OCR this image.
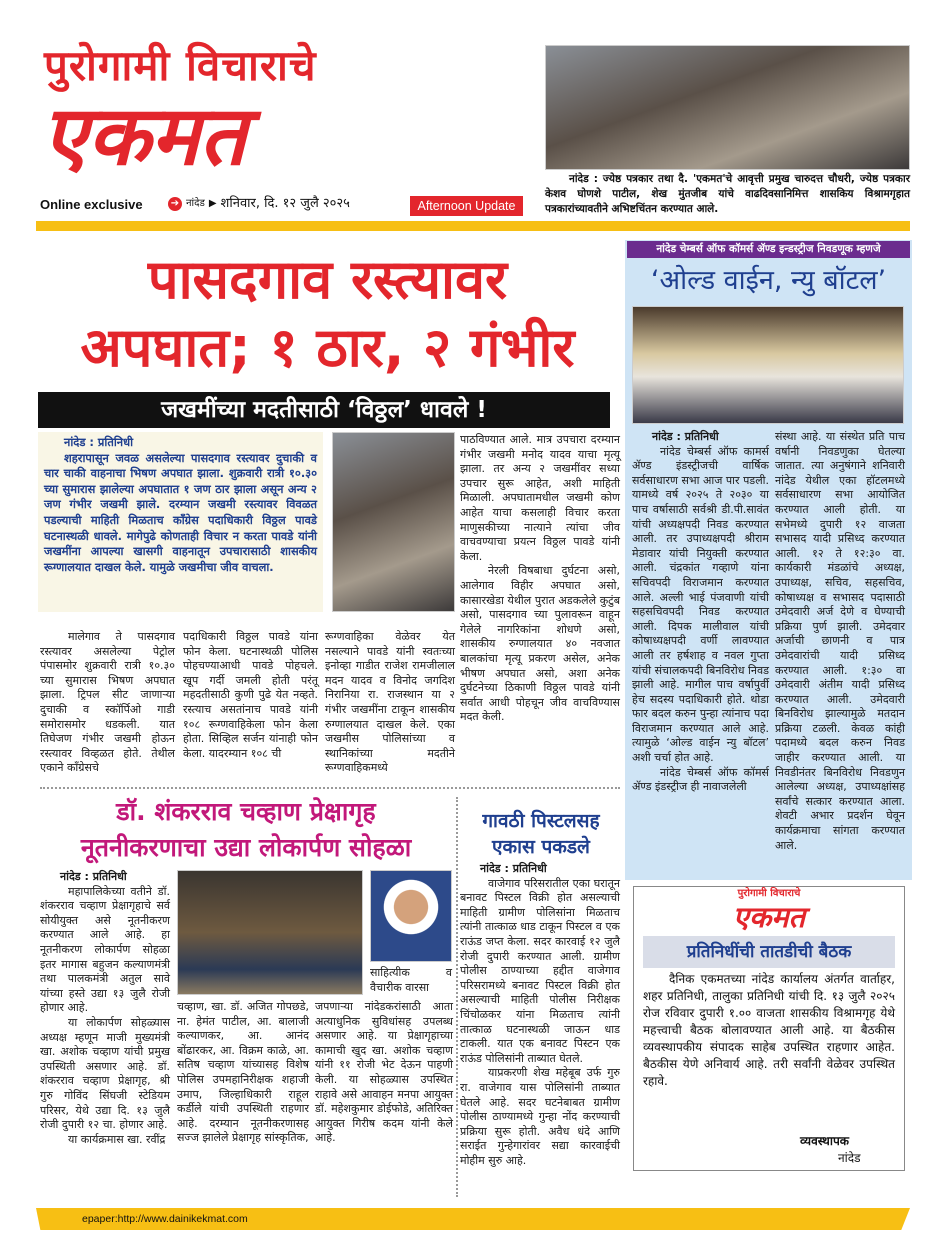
पुरोगामी विचाराचे
एकमत
Online exclusive	➔ नांदेड ▶ शनिवार, दि. १२ जुलै २०२५	Afternoon Update
नांदेड : ज्येष्ठ पत्रकार तथा दै. 'एकमत'चे आवृत्ती प्रमुख चारुदत्त चौधरी, ज्येष्ठ पत्रकार केशव घोणशे पाटील, शेख मुंतजीब यांचे वाढदिवसानिमित्त शासकिय विश्रामगृहात पत्रकारांच्यावतीने अभिष्टचिंतन करण्यात आले.
पासदगाव रस्त्यावर
अपघात; १ ठार, २ गंभीर
जखमींच्या मदतीसाठी ‘विठ्ठल’ धावले !
नांदेड : प्रतिनिधी

शहरापासून जवळ असलेल्या पासदगाव रस्त्यावर दुचाकी व चार चाकी वाहनाचा भिषण अपघात झाला. शुक्रवारी रात्री १०.३० च्या सुमारास झालेल्या अपघातात १ जण ठार झाला असून अन्य २ जण गंभीर जखमी झाले. दरम्यान जखमी रस्त्यावर विवळत पडल्याची माहिती मिळताच काँग्रेस पदाधिकारी विठ्ठल पावडे घटनास्थळी धावले. मागेपुढे कोणताही विचार न करता पावडे यांनी जखमींना आपल्या खासगी वाहनातून उपचारासाठी शासकीय रूग्णालयात दाखल केले. यामुळे जखमीचा जीव वाचला.

मालेगाव ते पासदगाव रस्त्यावर असलेल्या पेट्रोल पंपासमोर शुक्रवारी रात्री १०.३० च्या सुमारास भिषण अपघात झाला. ट्रिपल सीट जाणाऱ्या दुचाकी व स्कॉर्पिओ गाडी समोरासमोर धडकली. यात तिघेजण गंभीर जखमी होऊन रस्त्यावर विव्हळत होते. तेथील एकाने काँग्रेसचे

पदाधिकारी विठ्ठल पावडे यांना फोन केला. घटनास्थळी पोलिस पोहचण्याआधी पावडे पोहचले. खूप गर्दी जमली होती परंतू महदतीसाठी कुणी पुढे येत नव्हते. रस्त्याच असतांनाच पावडे यांनी १०८ रूग्णवाहिकेला फोन केला होता. सिव्हिल सर्जन यांनाही फोन केला. यादरम्यान १०८ ची

रूग्णवाहिका वेळेवर येत नसल्याने पावडे यांनी स्वतःच्या इनोव्हा गाडीत राजेश रामजीलाल मदन यादव व विनोद जगदिश निरानिया रा. राजस्थान या २ गंभीर जखमींना टाकून शासकीय रुग्णालयात दाखल केले. एका जखमीस पोलिसांच्या व स्थानिकांच्या मदतीने रूग्णवाहिकमध्ये

पाठविण्यात आले. मात्र उपचारा दरम्यान गंभीर जखमी मनोद यादव याचा मृत्यू झाला. तर अन्य २ जखमींवर सध्या उपचार सुरू आहेत, अशी माहिती मिळाली. अपघातामधील जखमी कोण आहेत याचा कसलाही विचार करता माणुसकीच्या नात्याने त्यांचा जीव वाचवण्याचा प्रयत्न विठ्ठल पावडे यांनी केला.

नेरली विषबाधा दुर्घटना असो, आलेगाव विहीर अपघात असो, कासारखेडा येथील पुरात अडकलेले कुटुंब असो, पासदगाव च्या पुलावरून वाहून गेलेले नागरिकांना शोधणे असो, शासकीय रुग्णालयात ४० नवजात बालकांचा मृत्यू प्रकरण असेल, अनेक भीषण अपघात असो, अशा अनेक दुर्घटनेच्या ठिकाणी विठ्ठल पावडे यांनी सर्वात आधी पोहचून जीव वाचविण्यास मदत केली.

डॉ. शंकरराव चव्हाण प्रेक्षागृह
नूतनीकरणाचा उद्या लोकार्पण सोहळा
नांदेड : प्रतिनिधी

महापालिकेच्या वतीने डॉ. शंकरराव चव्हाण प्रेक्षागृहाचे सर्व सोयीयुक्त असे नूतनीकरण करण्यात आले आहे. हा नूतनीकरण लोकार्पण सोहळा इतर मागास बहुजन कल्याणमंत्री तथा पालकमंत्री अतुल सावे यांच्या हस्ते उद्या १३ जुलै रोजी होणार आहे.

या लोकार्पण सोहळ्यास अध्यक्ष म्हणून माजी मुख्यमंत्री खा. अशोक चव्हाण यांची प्रमुख उपस्थिती असणार आहे. डॉ. शंकरराव चव्हाण प्रेक्षागृह, श्री गुरु गोविंद सिंघजी स्टेडियम परिसर, येथे उद्या दि. १३ जुलै रोजी दुपारी १२ चा. होणार आहे.

या कार्यक्रमास खा. रवींद्र

साहित्यीक व वैचारीक वारसा

चव्हाण, खा. डॉ. अजित गोपछडे, ना. हेमंत पाटील, आ. बालाजी कल्याणकर, आ. आनंद बोंढारकर, आ. विक्रम काळे, आ. सतिष चव्हाण यांच्यासह विशेष पोलिस उपमहानिरीक्षक शहाजी उमाप, जिल्हाधिकारी राहूल कर्डीले यांची उपस्थिती राहणार आहे. दरम्यान नूतनीकरणासह सज्ज झालेले प्रेक्षागृह सांस्कृतिक,

जपणाऱ्या नांदेडकरांसाठी आता अत्याधुनिक सुविधांसह उपलब्ध असणार आहे. या प्रेक्षागृहाच्या कामाची खुद खा. अशोक चव्हाण यांनी ११ रोजी भेट देऊन पाहणी केली. या सोहळ्यास उपस्थित राहावे असे आवाहन मनपा आयुक्त डॉ. महेशकुमार डोईफोडे, अतिरिक्त आयुक्त गिरीष कदम यांनी केले आहे.

गावठी पिस्टलसह
एकास पकडले
नांदेड : प्रतिनिधी

वाजेगाव परिसरातील एका घरातून बनावट पिस्टल विक्री होत असल्याची माहिती ग्रामीण पोलिसांना मिळताच त्यांनी तात्काळ धाड टाकून पिस्टल व एक राऊंड जप्त केला. सदर कारवाई १२ जुलै रोजी दुपारी करण्यात आली. ग्रामीण पोलीस ठाण्याच्या हद्दीत वाजेगाव परिसरामध्ये बनावट पिस्टल विक्री होत असल्याची माहिती पोलीस निरीक्षक चिंचोळकर यांना मिळताच त्यांनी तात्काळ घटनास्थळी जाऊन धाड टाकली. यात एक बनावट पिस्टन एक राऊंड पोलिसांनी ताब्यात घेतले.

याप्रकरणी शेख महेबूब उर्फ गुरु रा. वाजेगाव यास पोलिसांनी ताब्यात घेतले आहे. सदर घटनेबाबत ग्रामीण पोलीस ठाण्यामध्ये गुन्हा नोंद करण्याची प्रक्रिया सुरू होती. अवैध धंदे आणि सराईत गुन्हेगारांवर सद्या कारवाईची मोहीम सुरु आहे.

नांदेड चेम्बर्स ऑफ कॉमर्स ॲण्ड इन्डस्ट्रीज निवडणूक म्हणजे
‘ओल्ड वाईन, न्यु बॉटल’
नांदेड : प्रतिनिधी

नांदेड चेम्बर्स ऑफ कामर्स ॲण्ड इंडस्ट्रीजची वार्षिक सर्वसाधारण सभा आज पार पडली. यामध्ये वर्ष २०२५ ते २०३० या पाच वर्षासाठी सर्वश्री डी.पी.सावंत यांची अध्यक्षपदी निवड करण्यात आली. तर उपाध्यक्षपदी श्रीराम मेडावार यांची नियुक्ती करण्यात आली. चंद्रकांत गव्हाणे यांना सचिवपदी विराजमान करण्यात आले. अल्ली भाई पंजवाणी यांची सहसचिवपदी निवड करण्यात आली. दिपक मालीवाल यांची कोषाध्यक्षपदी वर्णी लावण्यात आली तर हर्षशाह व नवल गुप्ता यांची संचालकपदी बिनविरोध निवड झाली आहे. मागील पाच वर्षापुर्वी हेच सदस्य पदाधिकारी होते. थोडा फार बदल करुन पुन्हा त्यांनाच पदा विराजमान करण्यात आले आहे. त्यामुळे ‘ओल्ड वाईन न्यु बॉटल’ अशी चर्चा होत आहे.

नांदेड चेम्बर्स ऑफ कॉमर्स ॲण्ड इंडस्ट्रीज ही नावाजलेली

संस्था आहे. या संस्थेत प्रति पाच वर्षानी निवडणुका घेतल्या जातात. त्या अनुषंगाने शनिवारी नांदेड येथील एका हॉटलमध्ये सर्वसाधारण सभा आयोजित करण्यात आली होती. या सभेमध्ये दुपारी १२ वाजता सभासद यादी प्रसिध्द करण्यात आली. १२ ते १२:३० वा. कार्यकारी मंडळांचे अध्यक्ष, उपाध्यक्ष, सचिव, सहसचिव, कोषाध्यक्ष व सभासद पदासाठी उमेदवारी अर्ज देणे व घेण्याची प्रक्रिया पुर्ण झाली. उमेदवार अर्जाची छाणनी व पात्र उमेदवारांची यादी प्रसिध्द करण्यात आली. १:३० वा उमेदवारी अंतीम यादी प्रसिध्द करण्यात आली. उमेदवारी बिनविरोध झाल्यामुळे मतदान प्रक्रिया टळली. केवळ कांही पदामध्ये बदल करुन निवड जाहीर करण्यात आली. या निवडीनंतर बिनविरोध निवडणुन आलेल्या अध्यक्ष, उपाध्यक्षांसह सर्वांचे सत्कार करण्यात आला. शेवटी अभार प्रदर्शन घेवून कार्यक्रमाचा सांगता करण्यात आले.

पुरोगामी विचाराचे
एकमत
प्रतिनिधींची तातडीची बैठक
दैनिक एकमतच्या नांदेड कार्यालय अंतर्गत वार्ताहर, शहर प्रतिनिधी, तालुका प्रतिनिधी यांची दि. १३ जुलै २०२५ रोज रविवार दुपारी १.०० वाजता शासकीय विश्रामगृह येथे महत्त्वाची बैठक बोलावण्यात आली आहे. या बैठकीस व्यवस्थापकीय संपादक साहेब उपस्थित राहणार आहेत. बैठकीस येणे अनिवार्य आहे. तरी सर्वांनी वेळेवर उपस्थित रहावे.
व्यवस्थापक
नांदेड
epaper:http://www.dainikekmat.com
